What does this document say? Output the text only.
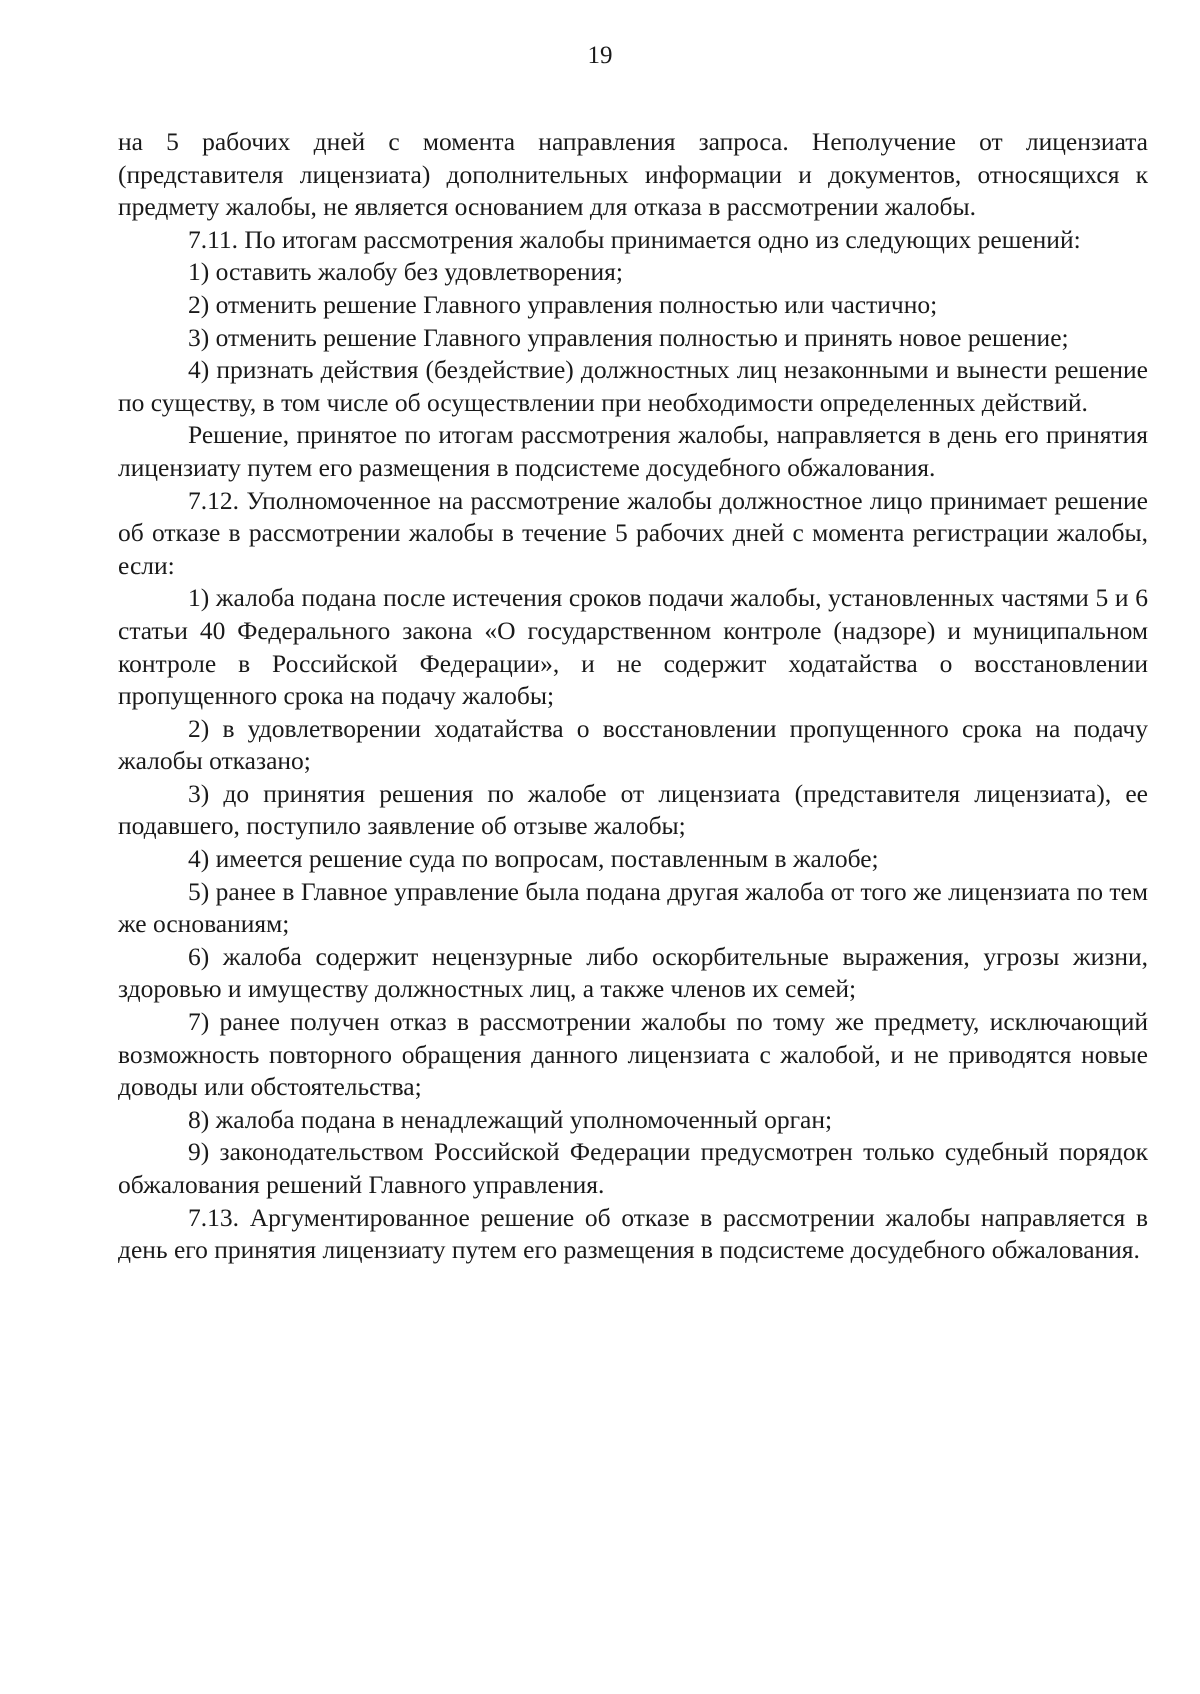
19

на 5 рабочих дней с момента направления запроса. Неполучение от лицензиата (представителя лицензиата) дополнительных информации и документов, относящихся к предмету жалобы, не является основанием для отказа в рассмотрении жалобы.

7.11. По итогам рассмотрения жалобы принимается одно из следующих решений:

1) оставить жалобу без удовлетворения;

2) отменить решение Главного управления полностью или частично;

3) отменить решение Главного управления полностью и принять новое решение;

4) признать действия (бездействие) должностных лиц незаконными и вынести решение по существу, в том числе об осуществлении при необходимости определенных действий.

Решение, принятое по итогам рассмотрения жалобы, направляется в день его принятия лицензиату путем его размещения в подсистеме досудебного обжалования.

7.12. Уполномоченное на рассмотрение жалобы должностное лицо принимает решение об отказе в рассмотрении жалобы в течение 5 рабочих дней с момента регистрации жалобы, если:

1) жалоба подана после истечения сроков подачи жалобы, установленных частями 5 и 6 статьи 40 Федерального закона «О государственном контроле (надзоре) и муниципальном контроле в Российской Федерации», и не содержит ходатайства о восстановлении пропущенного срока на подачу жалобы;

2) в удовлетворении ходатайства о восстановлении пропущенного срока на подачу жалобы отказано;

3) до принятия решения по жалобе от лицензиата (представителя лицензиата), ее подавшего, поступило заявление об отзыве жалобы;

4) имеется решение суда по вопросам, поставленным в жалобе;

5) ранее в Главное управление была подана другая жалоба от того же лицензиата по тем же основаниям;

6) жалоба содержит нецензурные либо оскорбительные выражения, угрозы жизни, здоровью и имуществу должностных лиц, а также членов их семей;

7) ранее получен отказ в рассмотрении жалобы по тому же предмету, исключающий возможность повторного обращения данного лицензиата с жалобой, и не приводятся новые доводы или обстоятельства;

8) жалоба подана в ненадлежащий уполномоченный орган;

9) законодательством Российской Федерации предусмотрен только судебный порядок обжалования решений Главного управления.

7.13. Аргументированное решение об отказе в рассмотрении жалобы направляется в день его принятия лицензиату путем его размещения в подсистеме досудебного обжалования.
